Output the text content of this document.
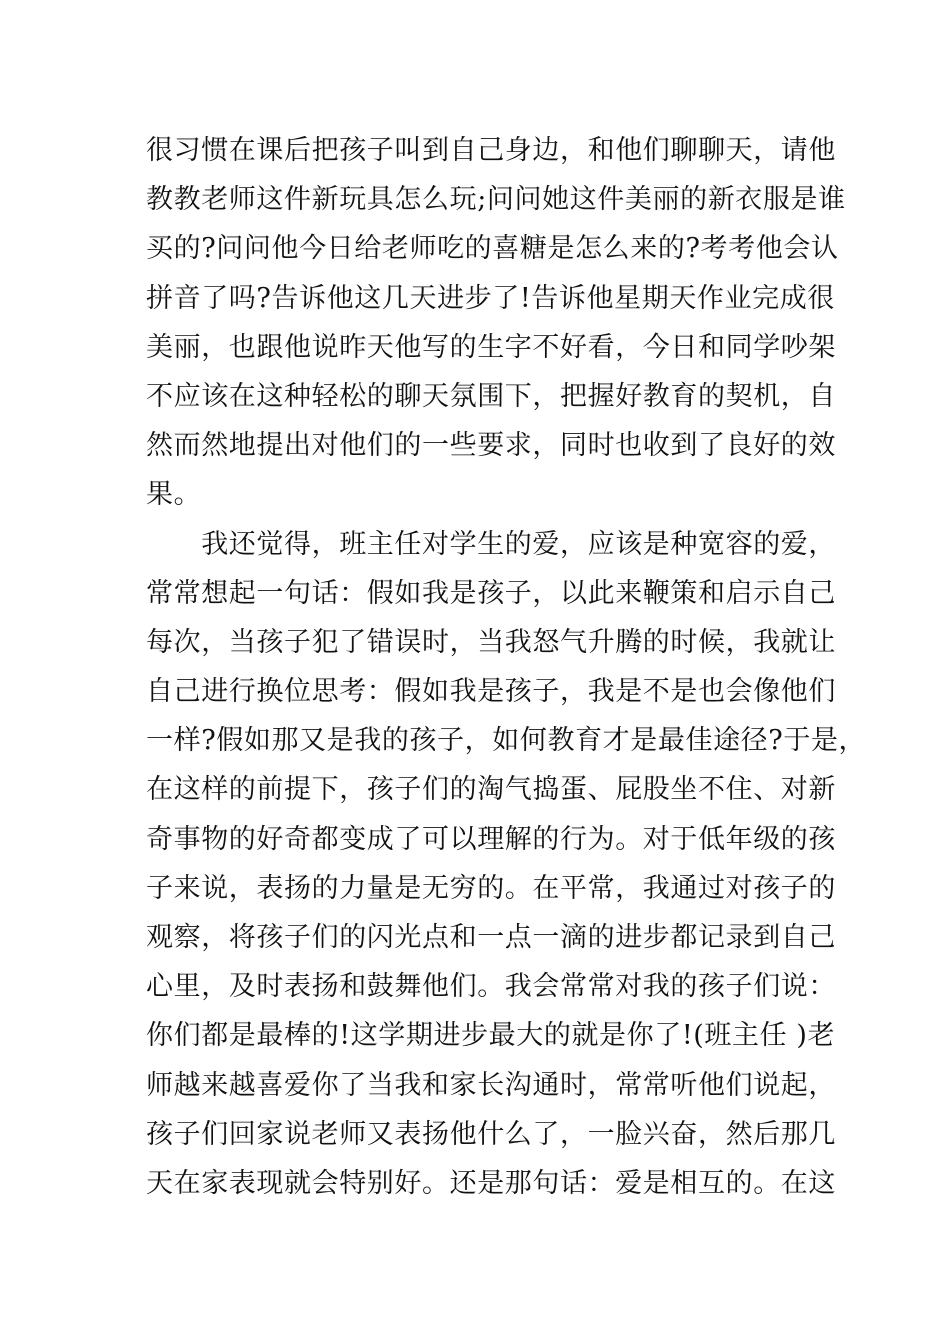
很习惯在课后把孩子叫到自己身边，和他们聊聊天，请他
教教老师这件新玩具怎么玩;问问她这件美丽的新衣服是谁
买的?问问他今日给老师吃的喜糖是怎么来的?考考他会认
拼音了吗?告诉他这几天进步了!告诉他星期天作业完成很
美丽，也跟他说昨天他写的生字不好看，今日和同学吵架
不应该在这种轻松的聊天氛围下，把握好教育的契机，自
然而然地提出对他们的一些要求，同时也收到了良好的效
果。
　　我还觉得，班主任对学生的爱，应该是种宽容的爱，
常常想起一句话：假如我是孩子，以此来鞭策和启示自己
每次，当孩子犯了错误时，当我怒气升腾的时候，我就让
自己进行换位思考：假如我是孩子，我是不是也会像他们
一样?假如那又是我的孩子，如何教育才是最佳途径?于是，
在这样的前提下，孩子们的淘气捣蛋、屁股坐不住、对新
奇事物的好奇都变成了可以理解的行为。对于低年级的孩
子来说，表扬的力量是无穷的。在平常，我通过对孩子的
观察，将孩子们的闪光点和一点一滴的进步都记录到自己
心里，及时表扬和鼓舞他们。我会常常对我的孩子们说：
你们都是最棒的!这学期进步最大的就是你了!(班主任 )老
师越来越喜爱你了当我和家长沟通时，常常听他们说起，
孩子们回家说老师又表扬他什么了，一脸兴奋，然后那几
天在家表现就会特别好。还是那句话：爱是相互的。在这
